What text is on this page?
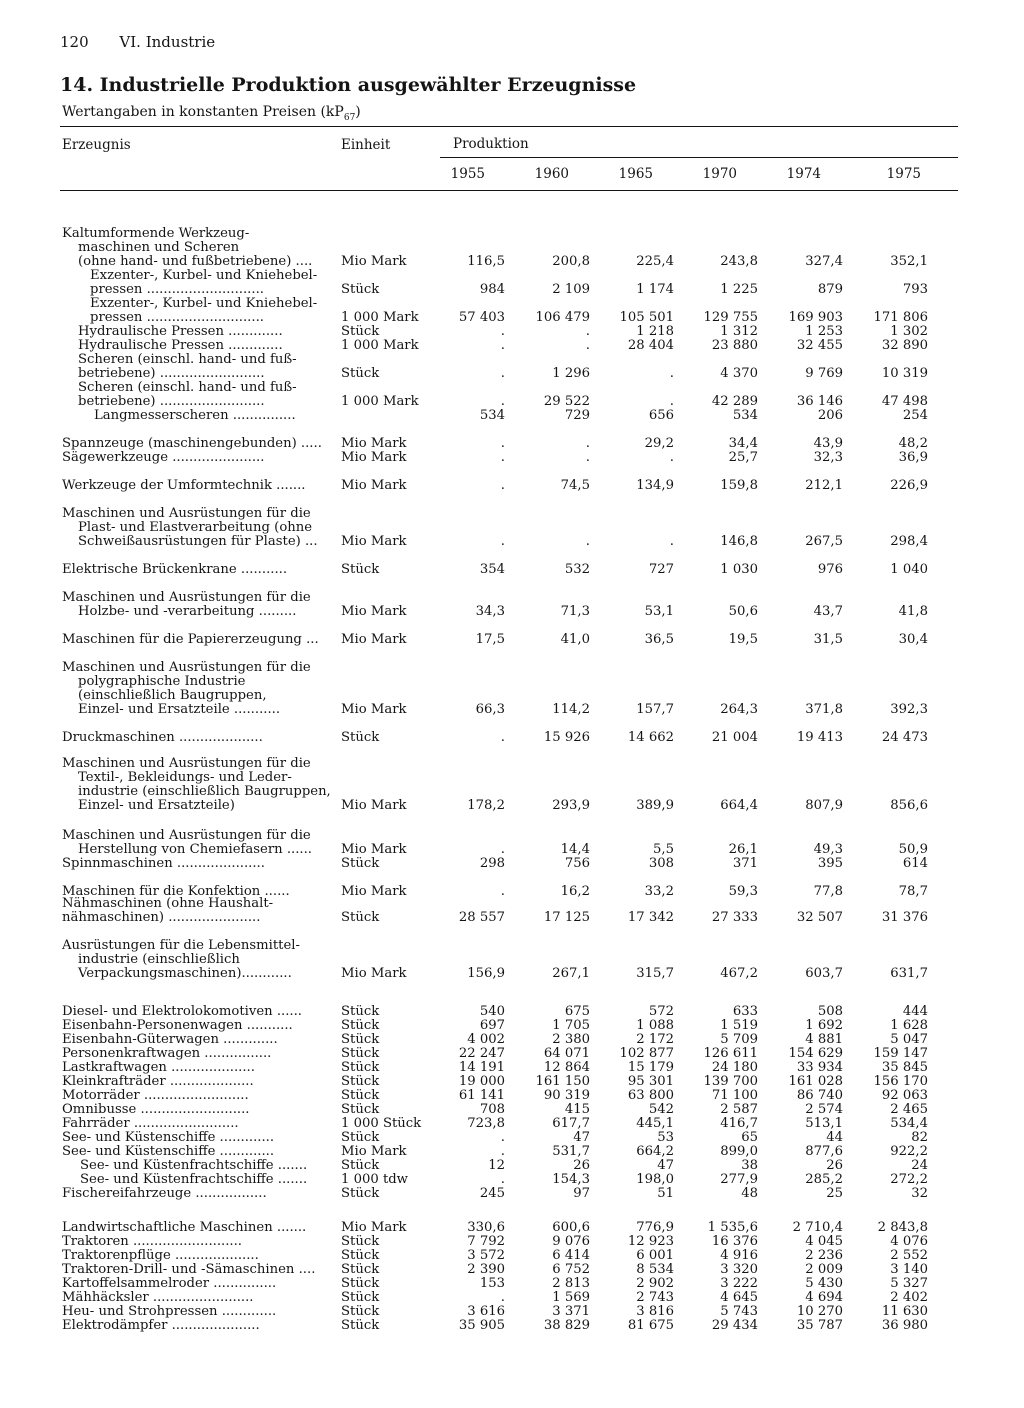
120 VI. Industrie
14. Industrielle Produktion ausgewählter Erzeugnisse
Wertangaben in konstanten Preisen $(kP_{67})$
Erzeugnis	Einheit	Produktion
1955	1960	1965	1970	1974	1975
Kaltumformende Werkzeug-
maschinen und Scheren
(ohne hand- und fußbetriebene) .... Mio Mark	116,5	200,8	225,4	243,8	327,4	352,1
Exzenter-, Kurbel- und Kniehebel-
pressen ............................	Stück	984	2 109	1 174	1 225	879	793
Exzenter-, Kurbel- und Kniehebel-
pressen ............................	1 000 Mark	57 403	106 479	105 501	129 755	169 903	171 806
Hydraulische Pressen .............	Stück	.	.	1 218	1 312	1 253	1 302
Hydraulische Pressen .............	1 000 Mark	.	.	28 404	23 880	32 455	32 890
Scheren (einschl. hand- und fuß-
betriebene) .........................	Stück	.	1 296	.	4 370	9 769	10 319
Scheren (einschl. hand- und fuß-
betriebene) .........................	1 000 Mark	.	29 522	.	42 289	36 146	47 498
Langmesserscheren ...............	534	729	656	534	206	254
Spannzeuge (maschinengebunden) ..... Mio Mark	.	.	29,2	34,4	43,9	48,2
Sägewerkzeuge ......................	Mio Mark	.	.	.	25,7	32,3	36,9
Werkzeuge der Umformtechnik .......	Mio Mark	.	74,5	134,9	159,8	212,1	226,9
Maschinen und Ausrüstungen für die
Plast- und Elastverarbeitung (ohne
Schweißausrüstungen für Plaste) ... Mio Mark	.	.	.	146,8	267,5	298,4
Elektrische Brückenkrane ...........	Stück	354	532	727	1 030	976	1 040
Maschinen und Ausrüstungen für die
Holzbe- und -verarbeitung .........	Mio Mark	34,3	71,3	53,1	50,6	43,7	41,8
Maschinen für die Papiererzeugung ... Mio Mark	17,5	41,0	36,5	19,5	31,5	30,4
Maschinen und Ausrüstungen für die
polygraphische Industrie
(einschließlich Baugruppen,
Einzel- und Ersatzteile ...........	Mio Mark	66,3	114,2	157,7	264,3	371,8	392,3
Druckmaschinen ....................	Stück	.	15 926	14 662	21 004	19 413	24 473
Maschinen und Ausrüstungen für die
Textil-, Bekleidungs- und Leder-
industrie (einschließlich Baugruppen,
Einzel- und Ersatzteile)	Mio Mark	178,2	293,9	389,9	664,4	807,9	856,6
Maschinen und Ausrüstungen für die
Herstellung von Chemiefasern ...... Mio Mark	.	14,4	5,5	26,1	49,3	50,9
Spinnmaschinen .....................	Stück	298	756	308	371	395	614
Maschinen für die Konfektion ......	Mio Mark	.	16,2	33,2	59,3	77,8	78,7
Nähmaschinen (ohne Haushalt-
nähmaschinen) ......................	Stück	28 557	17 125	17 342	27 333	32 507	31 376
Ausrüstungen für die Lebensmittel-
industrie (einschließlich
Verpackungsmaschinen)............	Mio Mark	156,9	267,1	315,7	467,2	603,7	631,7
Diesel- und Elektrolokomotiven ......	Stück	540	675	572	633	508	444
Eisenbahn-Personenwagen ...........	Stück	697	1 705	1 088	1 519	1 692	1 628
Eisenbahn-Güterwagen .............	Stück	4 002	2 380	2 172	5 709	4 881	5 047
Personenkraftwagen ................	Stück	22 247	64 071	102 877	126 611	154 629	159 147
Lastkraftwagen ....................	Stück	14 191	12 864	15 179	24 180	33 934	35 845
Kleinkrafträder ....................	Stück	19 000	161 150	95 301	139 700	161 028	156 170
Motorräder .........................	Stück	61 141	90 319	63 800	71 100	86 740	92 063
Omnibusse ..........................	Stück	708	415	542	2 587	2 574	2 465
Fahrräder .........................	1 000 Stück	723,8	617,7	445,1	416,7	513,1	534,4
See- und Küstenschiffe .............	Stück	.	47	53	65	44	82
See- und Küstenschiffe .............	Mio Mark	.	531,7	664,2	899,0	877,6	922,2
See- und Küstenfrachtschiffe .......	Stück	12	26	47	38	26	24
See- und Küstenfrachtschiffe .......	1 000 tdw	.	154,3	198,0	277,9	285,2	272,2
Fischereifahrzeuge .................	Stück	245	97	51	48	25	32
Landwirtschaftliche Maschinen .......	Mio Mark	330,6	600,6	776,9	1 535,6	2 710,4	2 843,8
Traktoren ..........................	Stück	7 792	9 076	12 923	16 376	4 045	4 076
Traktorenpflüge ....................	Stück	3 572	6 414	6 001	4 916	2 236	2 552
Traktoren-Drill- und -Sämaschinen .... Stück	2 390	6 752	8 534	3 320	2 009	3 140
Kartoffelsammelroder ...............	Stück	153	2 813	2 902	3 222	5 430	5 327
Mähhäcksler ........................	Stück	.	1 569	2 743	4 645	4 694	2 402
Heu- und Strohpressen .............	Stück	3 616	3 371	3 816	5 743	10 270	11 630
Elektrodämpfer .....................	Stück	35 905	38 829	81 675	29 434	35 787	36 980
